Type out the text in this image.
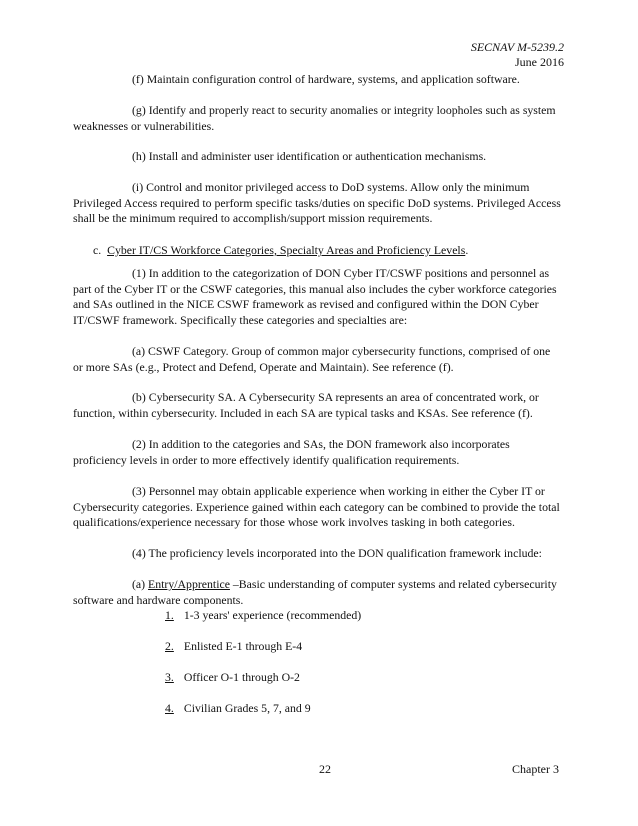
SECNAV M-5239.2
June 2016

(f) Maintain configuration control of hardware, systems, and application software.

(g) Identify and properly react to security anomalies or integrity loopholes such as system weaknesses or vulnerabilities.

(h) Install and administer user identification or authentication mechanisms.

(i) Control and monitor privileged access to DoD systems. Allow only the minimum Privileged Access required to perform specific tasks/duties on specific DoD systems. Privileged Access shall be the minimum required to accomplish/support mission requirements.

c. Cyber IT/CS Workforce Categories, Specialty Areas and Proficiency Levels.

(1) In addition to the categorization of DON Cyber IT/CSWF positions and personnel as part of the Cyber IT or the CSWF categories, this manual also includes the cyber workforce categories and SAs outlined in the NICE CSWF framework as revised and configured within the DON Cyber IT/CSWF framework. Specifically these categories and specialties are:

(a) CSWF Category. Group of common major cybersecurity functions, comprised of one or more SAs (e.g., Protect and Defend, Operate and Maintain). See reference (f).

(b) Cybersecurity SA. A Cybersecurity SA represents an area of concentrated work, or function, within cybersecurity. Included in each SA are typical tasks and KSAs. See reference (f).

(2) In addition to the categories and SAs, the DON framework also incorporates proficiency levels in order to more effectively identify qualification requirements.

(3) Personnel may obtain applicable experience when working in either the Cyber IT or Cybersecurity categories. Experience gained within each category can be combined to provide the total qualifications/experience necessary for those whose work involves tasking in both categories.

(4) The proficiency levels incorporated into the DON qualification framework include:

(a) Entry/Apprentice –Basic understanding of computer systems and related cybersecurity software and hardware components.

1. 1-3 years' experience (recommended)
2. Enlisted E-1 through E-4
3. Officer O-1 through O-2
4. Civilian Grades 5, 7, and 9
22	Chapter 3
